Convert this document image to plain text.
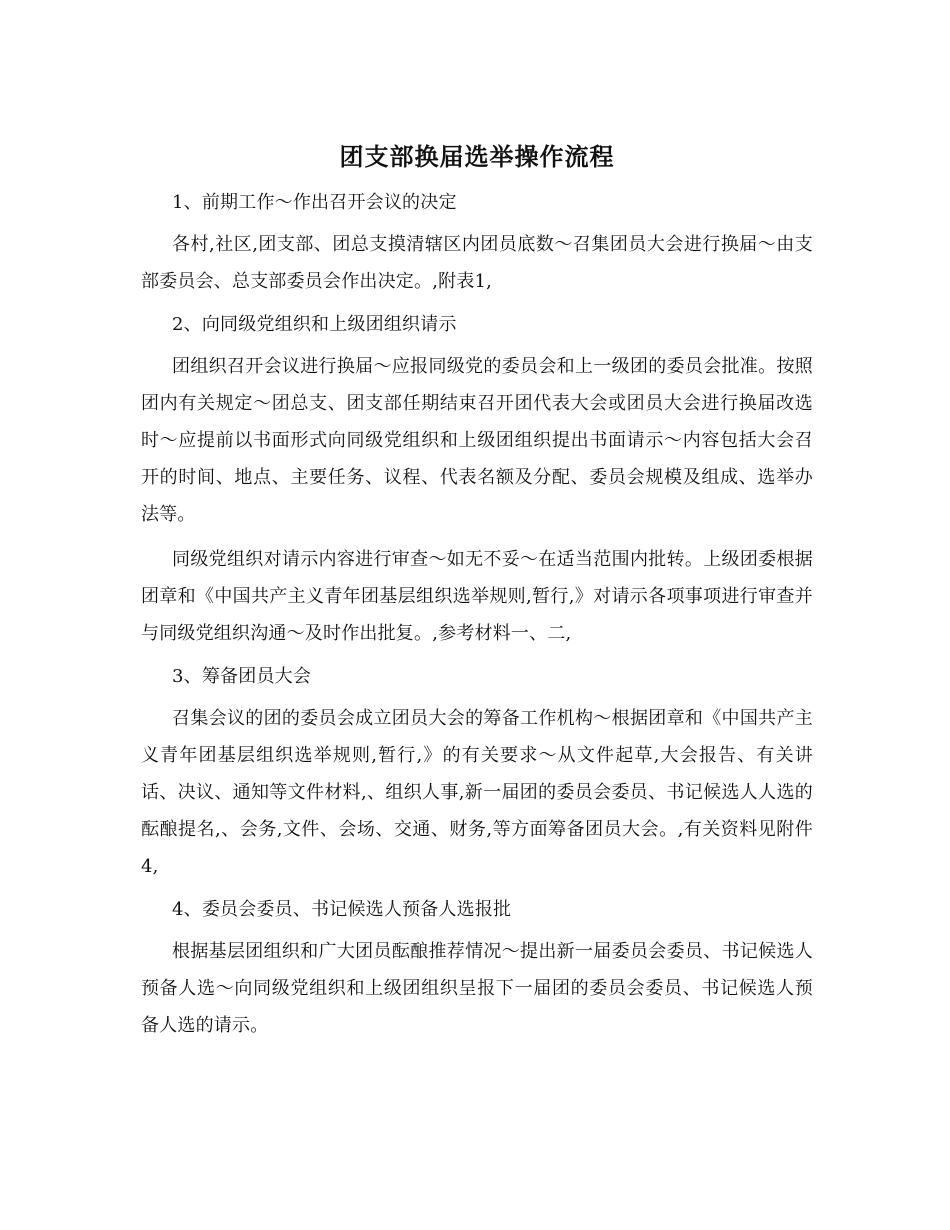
团支部换届选举操作流程

1、前期工作～作出召开会议的决定

各村,社区,团支部、团总支摸清辖区内团员底数～召集团员大会进行换届～由支部委员会、总支部委员会作出决定。,附表1,

2、向同级党组织和上级团组织请示

团组织召开会议进行换届～应报同级党的委员会和上一级团的委员会批准。按照团内有关规定～团总支、团支部任期结束召开团代表大会或团员大会进行换届改选时～应提前以书面形式向同级党组织和上级团组织提出书面请示～内容包括大会召开的时间、地点、主要任务、议程、代表名额及分配、委员会规模及组成、选举办法等。

同级党组织对请示内容进行审查～如无不妥～在适当范围内批转。上级团委根据团章和《中国共产主义青年团基层组织选举规则,暂行,》对请示各项事项进行审查并与同级党组织沟通～及时作出批复。,参考材料一、二,

3、筹备团员大会

召集会议的团的委员会成立团员大会的筹备工作机构～根据团章和《中国共产主义青年团基层组织选举规则,暂行,》的有关要求～从文件起草,大会报告、有关讲话、决议、通知等文件材料,、组织人事,新一届团的委员会委员、书记候选人人选的酝酿提名,、会务,文件、会场、交通、财务,等方面筹备团员大会。,有关资料见附件4,

4、委员会委员、书记候选人预备人选报批

根据基层团组织和广大团员酝酿推荐情况～提出新一届委员会委员、书记候选人预备人选～向同级党组织和上级团组织呈报下一届团的委员会委员、书记候选人预备人选的请示。
